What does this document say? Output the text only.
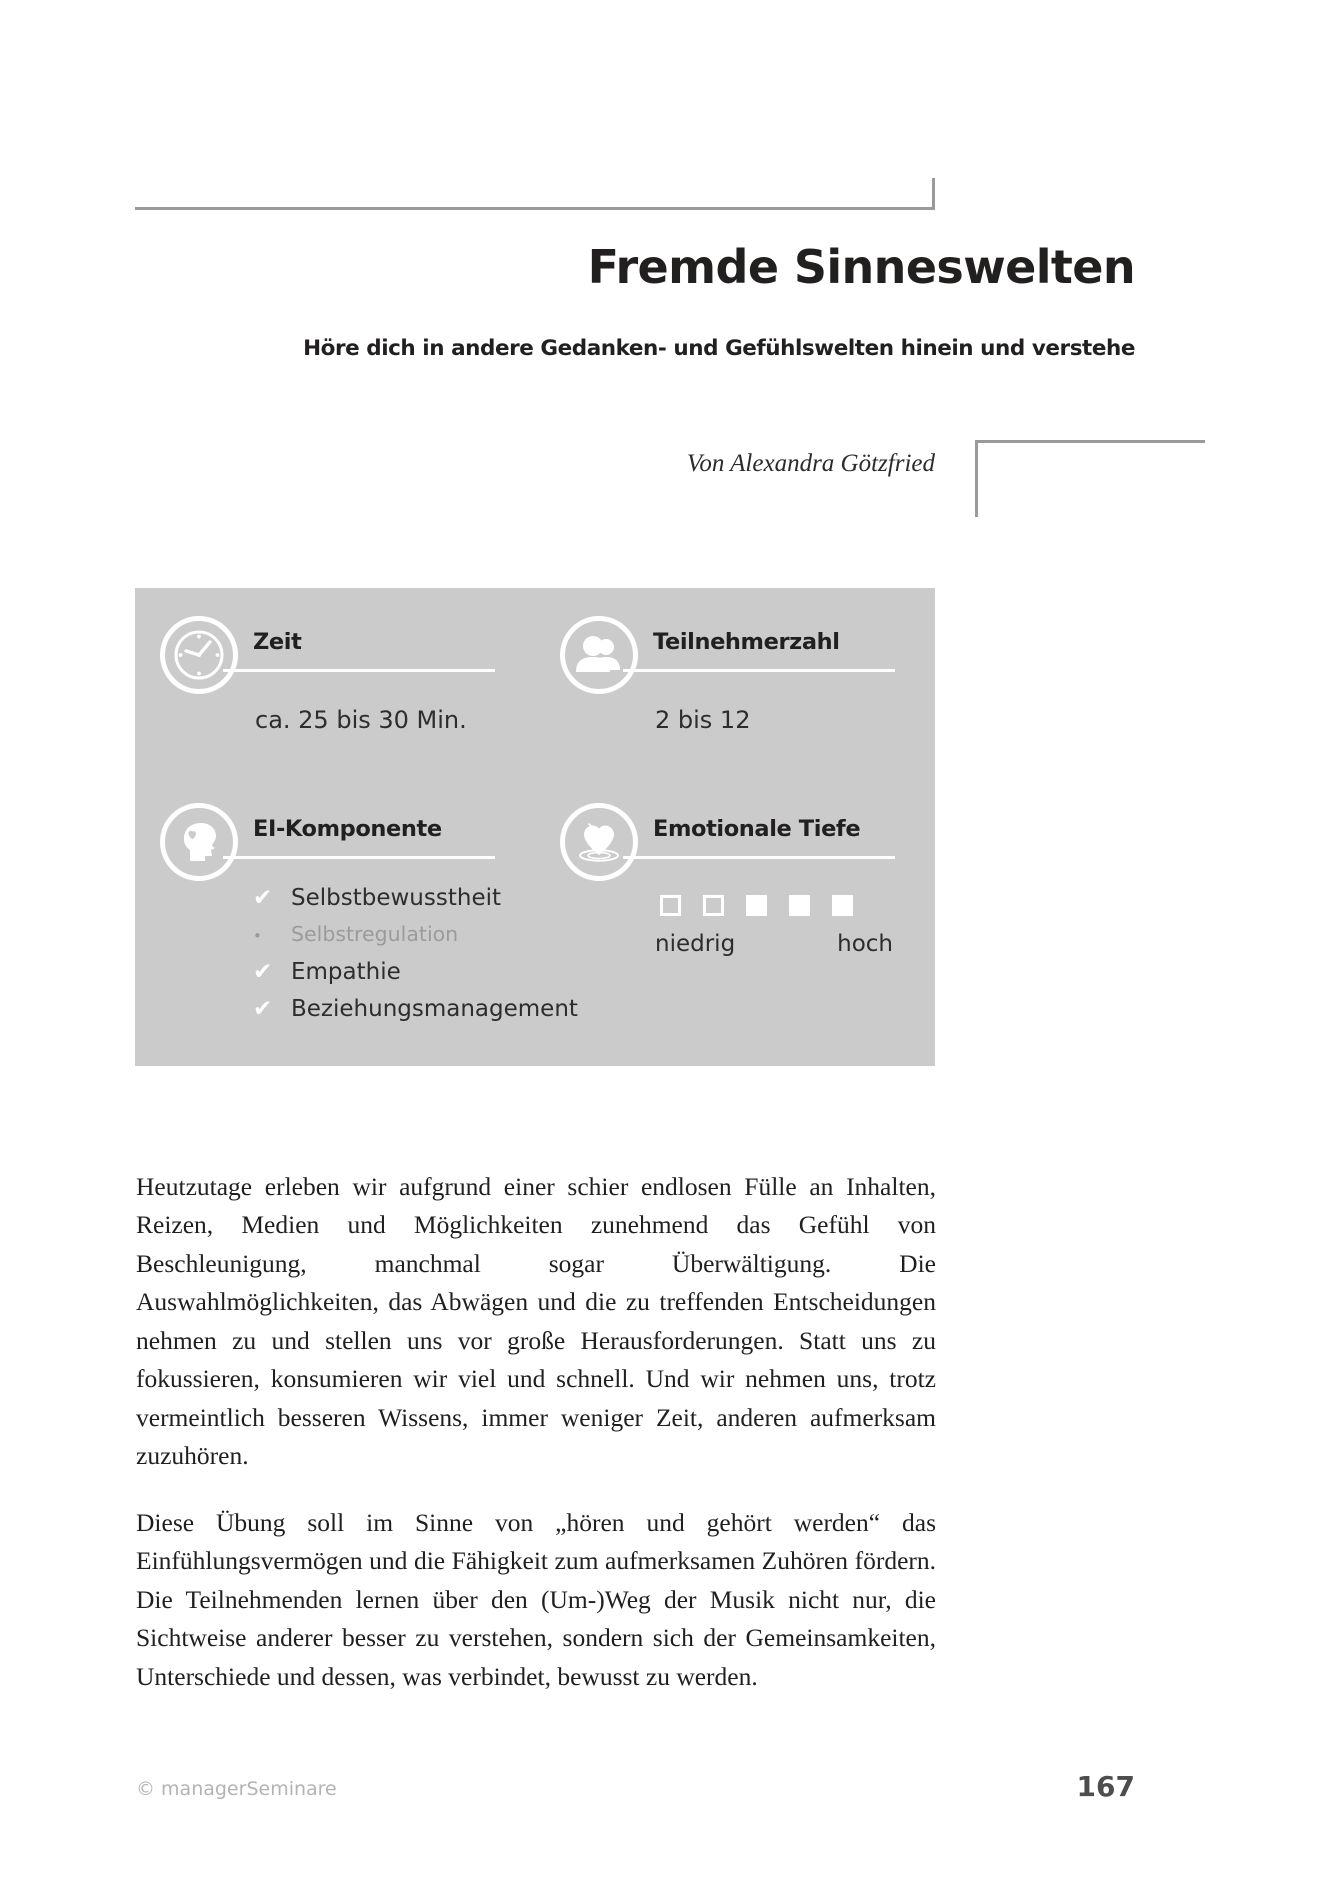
Fremde Sinneswelten
Höre dich in andere Gedanken- und Gefühlswelten hinein und verstehe
Von Alexandra Götzfried
Zeit
ca. 25 bis 30 Min.
Teilnehmerzahl
2 bis 12
EI-Komponente
✔ Selbstbewusstheit
•	Selbstregulation
✔ Empathie
✔ Beziehungsmanagement
Emotionale Tiefe
niedrig	hoch

Heutzutage erleben wir aufgrund einer schier endlosen Fülle an Inhalten, Reizen, Medien und Möglichkeiten zunehmend das Gefühl von Beschleunigung, manchmal sogar Überwältigung. Die Auswahlmöglichkeiten, das Abwägen und die zu treffenden Entscheidungen nehmen zu und stellen uns vor große Herausforderungen. Statt uns zu fokussieren, konsumieren wir viel und schnell. Und wir nehmen uns, trotz vermeintlich besseren Wissens, immer weniger Zeit, anderen aufmerksam zuzuhören.

Diese Übung soll im Sinne von „hören und gehört werden“ das Einfühlungsvermögen und die Fähigkeit zum aufmerksamen Zuhören fördern. Die Teilnehmenden lernen über den (Um-)Weg der Musik nicht nur, die Sichtweise anderer besser zu verstehen, sondern sich der Gemeinsamkeiten, Unterschiede und dessen, was verbindet, bewusst zu werden.

© managerSeminare	167
